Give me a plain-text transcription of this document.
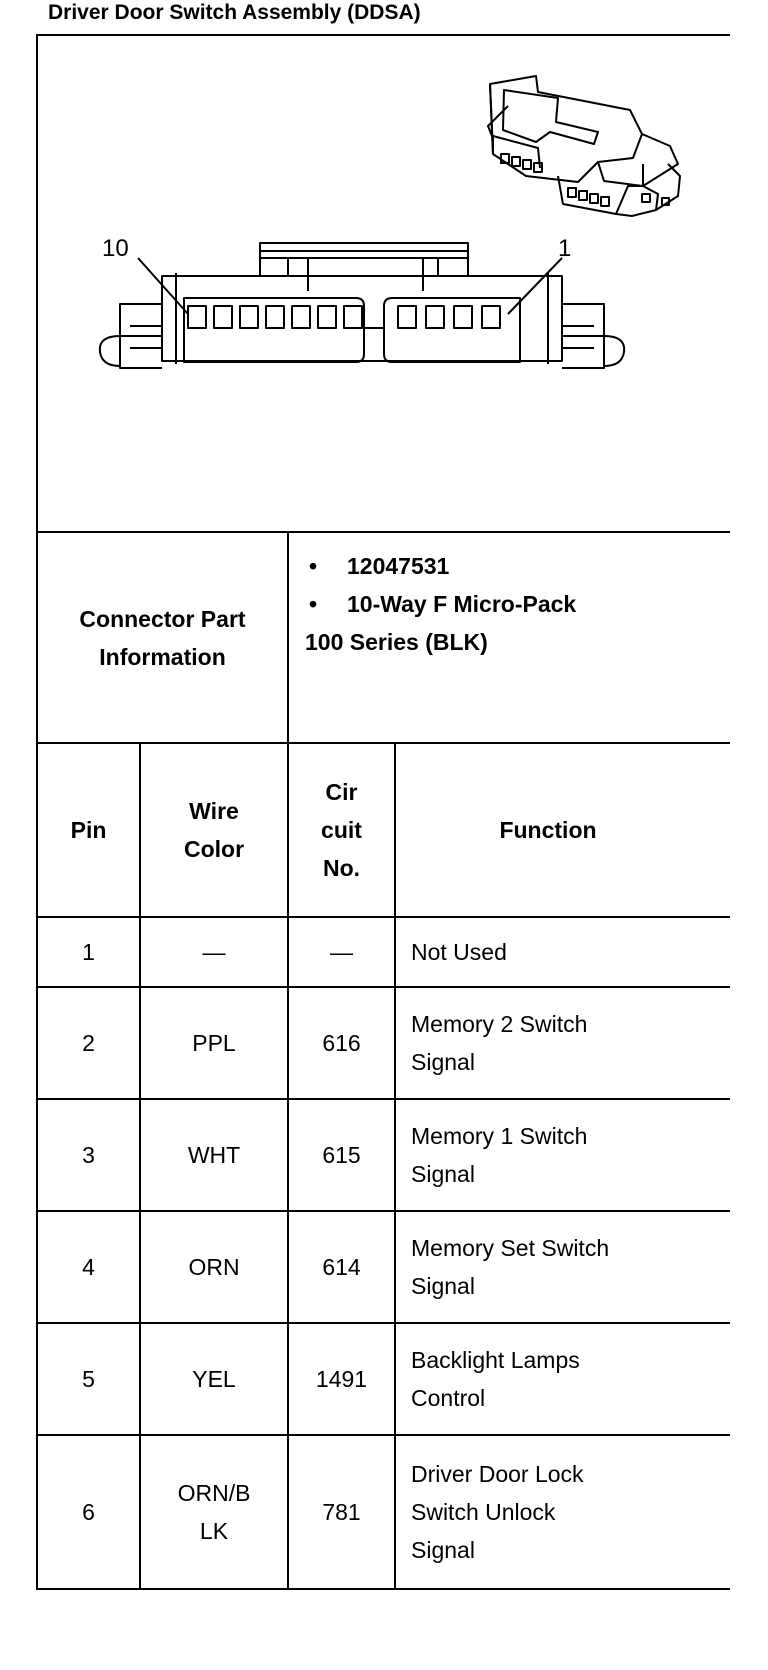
Driver Door Switch Assembly (DDSA)
10 1			

Connector Part Information		• 12047531
• 10-Way F Micro-Pack
100 Series (BLK)	

Pin	Wire Color	Cir cuit No.	Function
1	—	—	Not Used
2	PPL	616	Memory 2 Switch Signal
3	WHT	615	Memory 1 Switch Signal
4	ORN	614	Memory Set Switch Signal
5	YEL	1491	Backlight Lamps Control
6	ORN/B LK	781	Driver Door Lock Switch Unlock Signal
